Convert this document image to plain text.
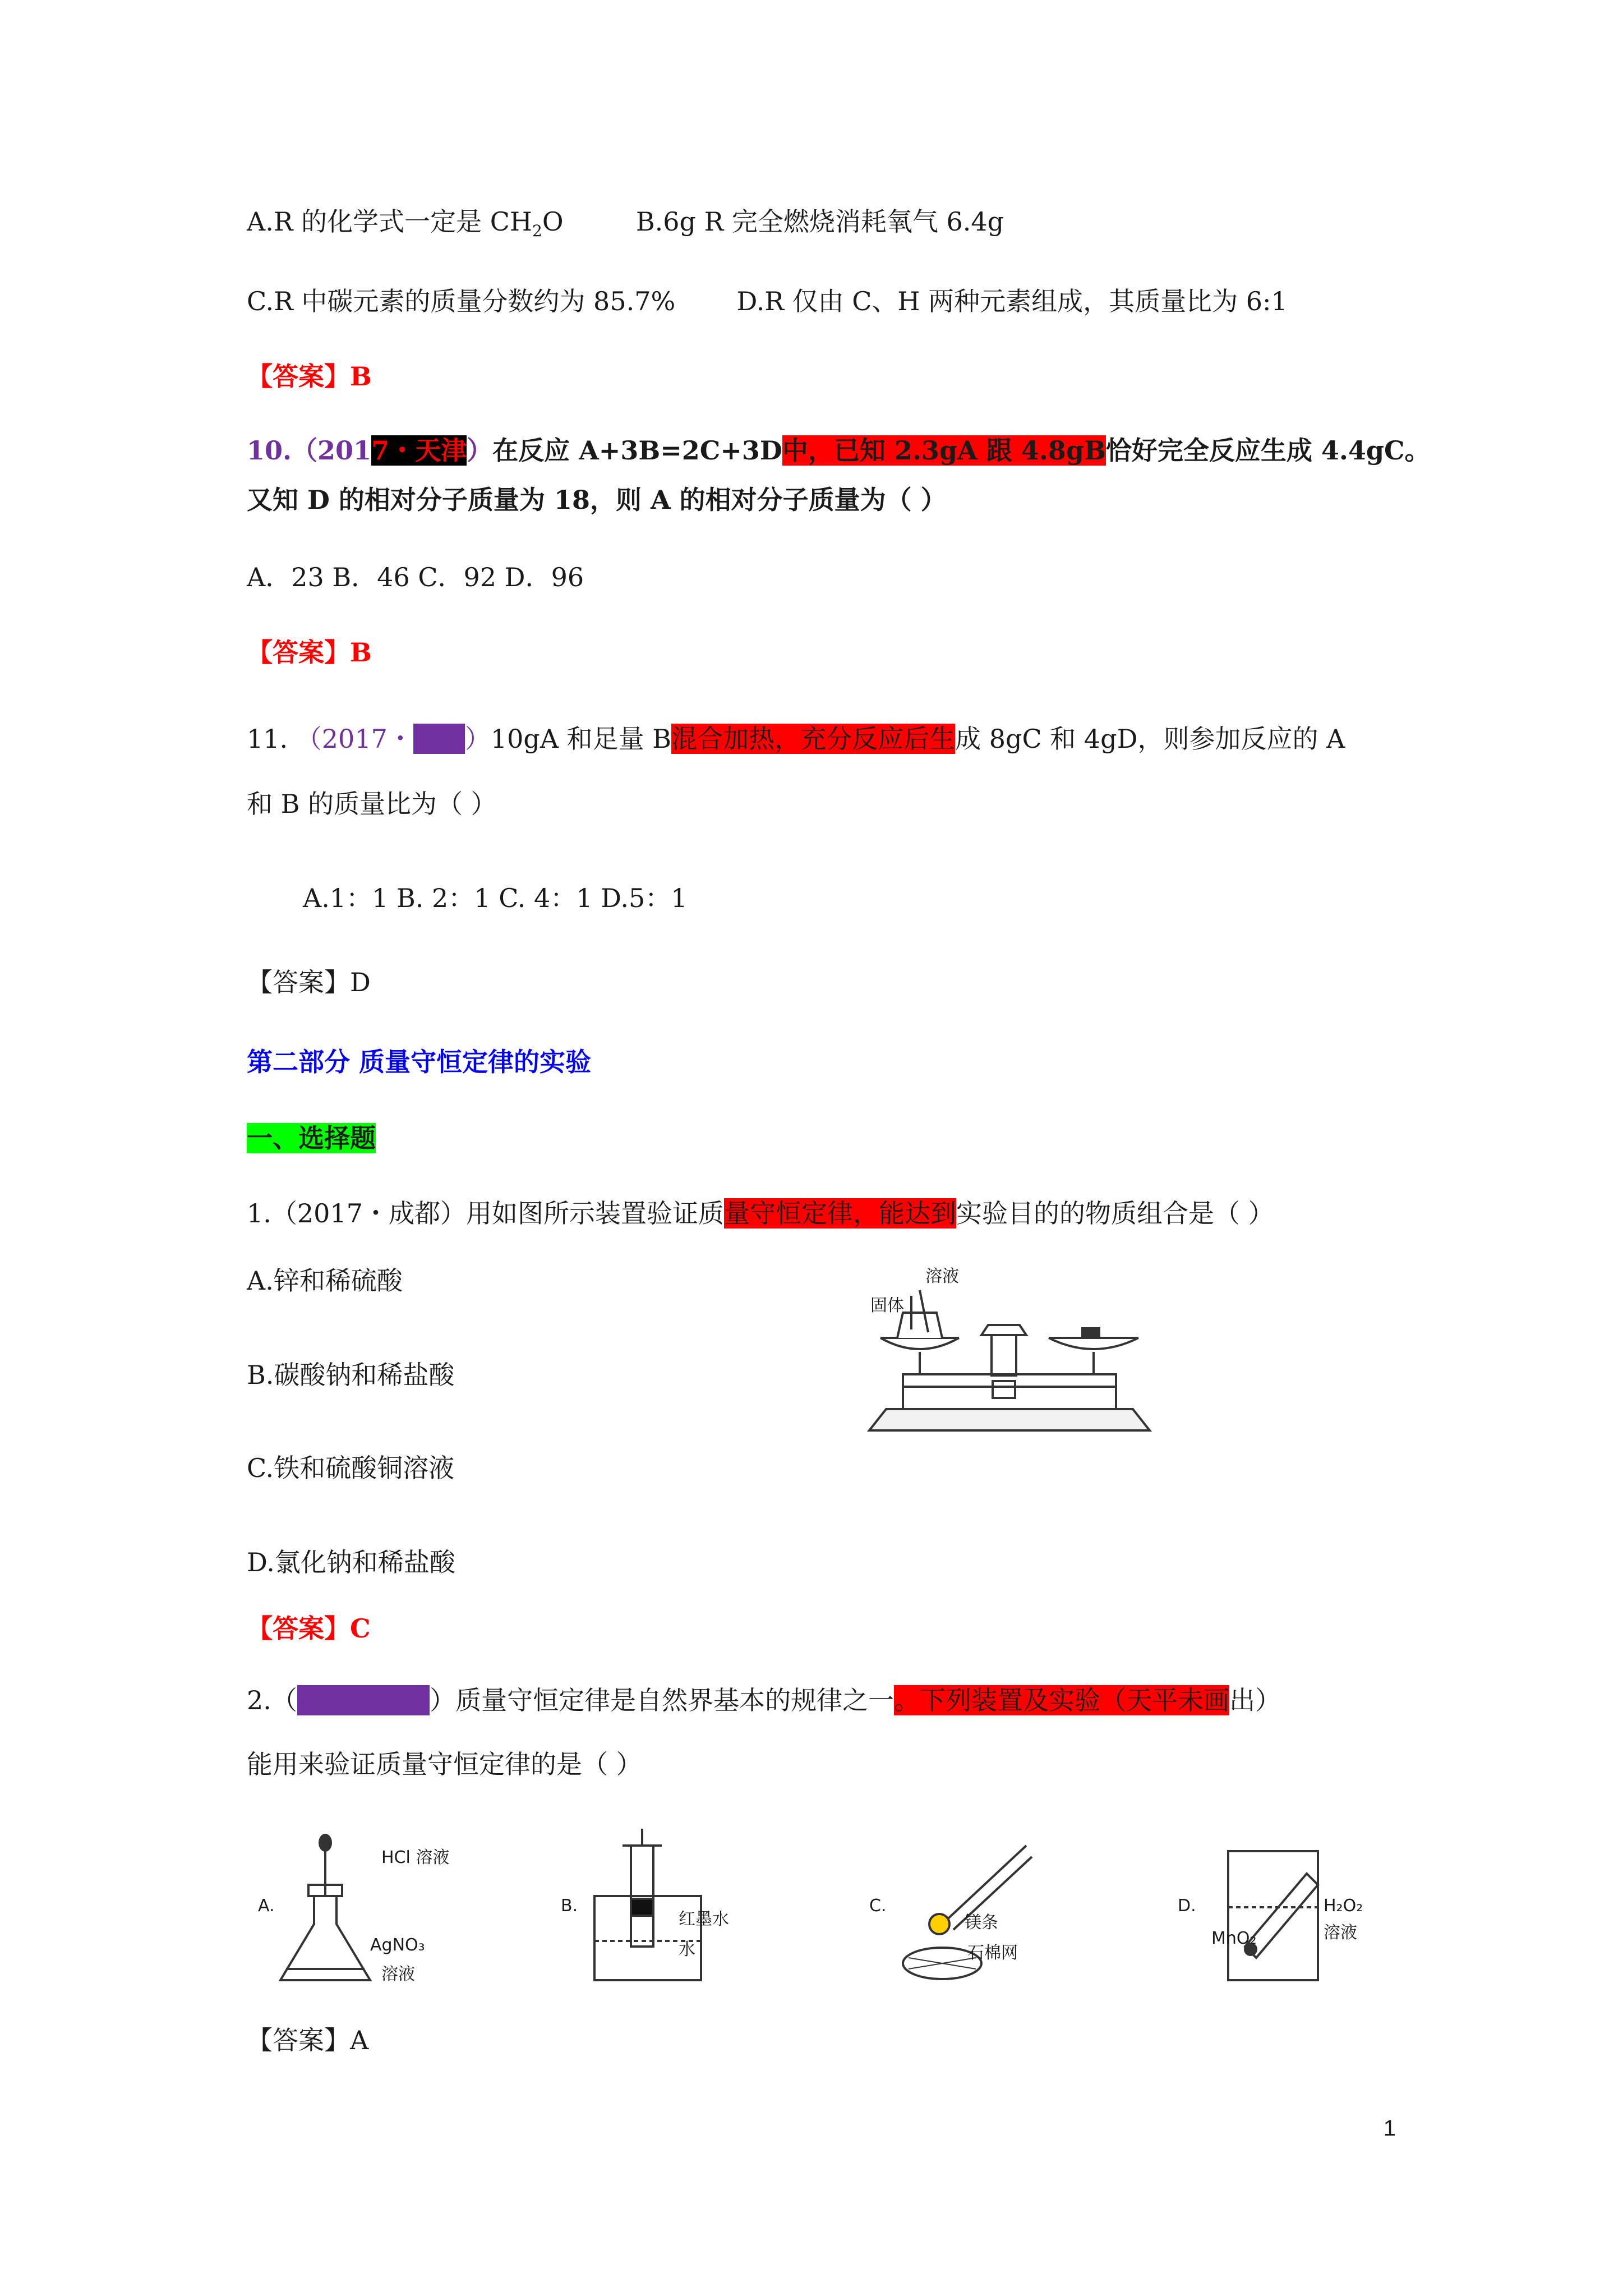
A.R 的化学式一定是 $CH_2O$	B.6g R 完全燃烧消耗氧气 6.4g
C.R 中碳元素的质量分数约为 85.7% D.R 仅由 C、H 两种元素组成，其质量比为 6:1
【答案】B
10.（2017・天津）在反应 A+3B=2C+3D中，已知 2.3gA 跟 4.8gB恰好完全反应生成 4.4gC。
又知 D 的相对分子质量为 18，则 A 的相对分子质量为（ ）
A．23 B．46 C．92 D．96
【答案】B
11. （2017・眉山）10gA 和足量 B混合加热，充分反应后生成 8gC 和 4gD，则参加反应的 A
和 B 的质量比为（ ）
A.1：1 B. 2：1 C. 4：1 D.5：1
【答案】D
第二部分 质量守恒定律的实验
一、选择题
1.（2017・成都）用如图所示装置验证质量守恒定律，能达到实验目的的物质组合是（ ）
A.锌和稀硫酸
B.碳酸钠和稀盐酸
C.铁和硫酸铜溶液
D.氯化钠和稀盐酸
【答案】C
溶液
固体
2.（2017•衢州）质量守恒定律是自然界基本的规律之一。下列装置及实验（天平未画出）
能用来验证质量守恒定律的是（ ）
A.
HCl 溶液
AgNO₃
溶液
B.
红墨水
水
C.
镁条
石棉网
D.	H₂O₂
溶液
MnO₂
【答案】A
1
